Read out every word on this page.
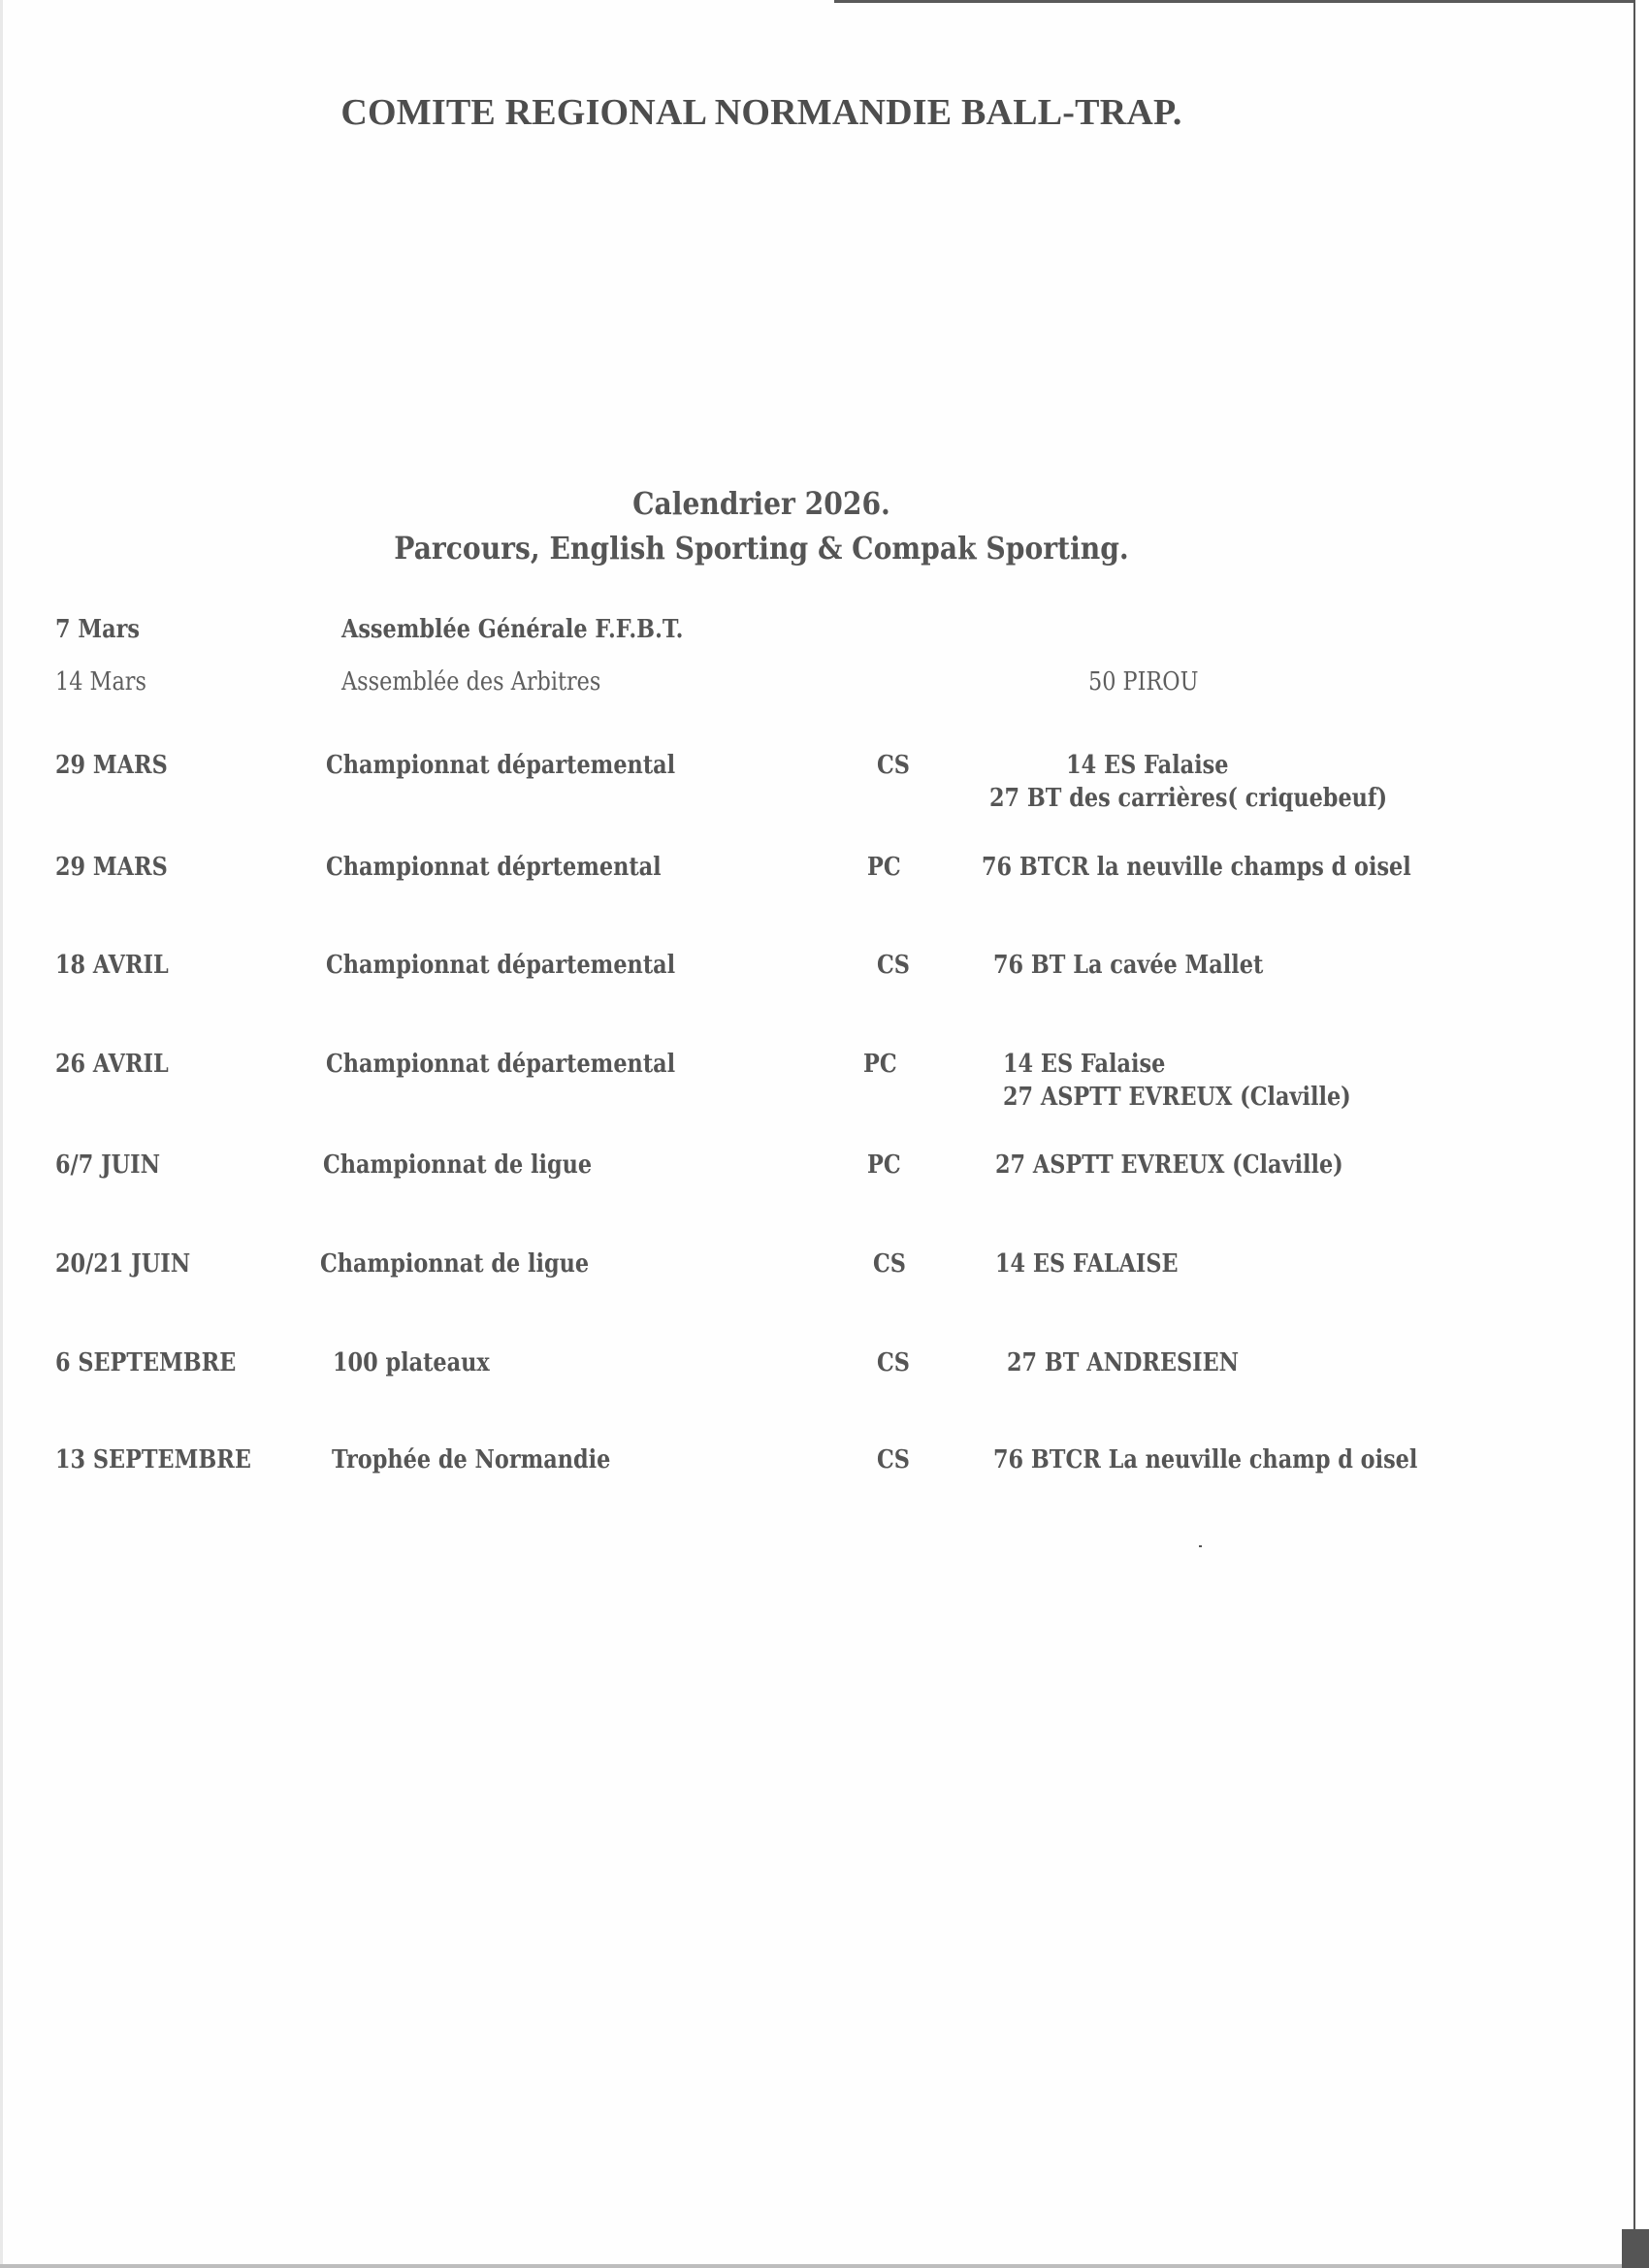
COMITE REGIONAL NORMANDIE BALL-TRAP.
Calendrier 2026.
Parcours, English Sporting & Compak Sporting.
7 Mars	Assemblée Générale F.F.B.T.
14 Mars	Assemblée des Arbitres	50 PIROU
29 MARS	Championnat départemental	CS	14 ES Falaise
27 BT des carrières( criquebeuf)
29 MARS	Championnat déprtemental	PC	76 BTCR la neuville champs d oisel
18 AVRIL	Championnat départemental	CS	76 BT La cavée Mallet
26 AVRIL	Championnat départemental	PC	14 ES Falaise
27 ASPTT EVREUX (Claville)
6/7 JUIN	Championnat de ligue	PC	27 ASPTT EVREUX (Claville)
20/21 JUIN	Championnat de ligue	CS	14 ES FALAISE
6 SEPTEMBRE	100 plateaux	CS	27 BT ANDRESIEN
13 SEPTEMBRE	Trophée de Normandie	CS	76 BTCR La neuville champ d oisel
